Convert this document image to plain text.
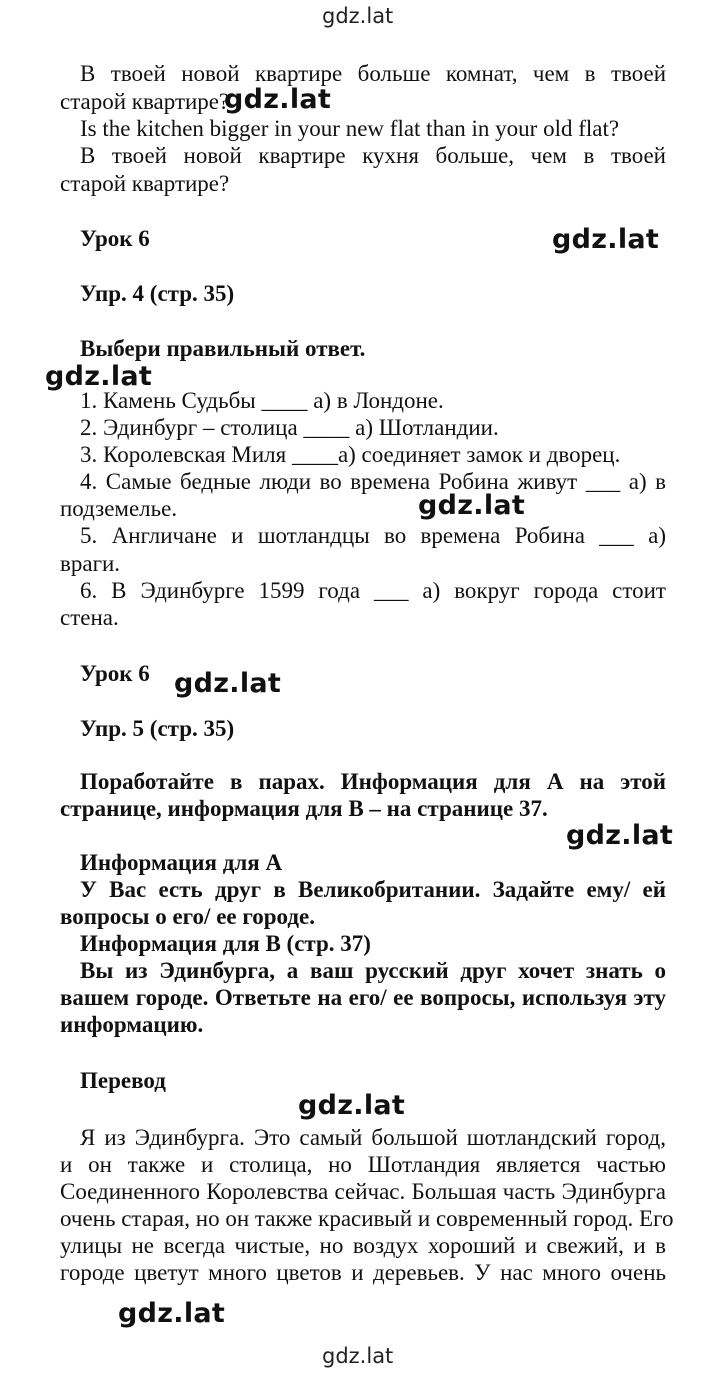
gdz.lat
В твоей новой квартире больше комнат, чем в твоей
старой квартире?
gdz.lat
Is the kitchen bigger in your new flat than in your old flat?
В твоей новой квартире кухня больше, чем в твоей
старой квартире?
Урок 6	gdz.lat
Упр. 4 (стр. 35)
Выбери правильный ответ.
gdz.lat
1. Камень Судьбы ____ а) в Лондоне.
2. Эдинбург – столица ____ а) Шотландии.
3. Королевская Миля ____а) соединяет замок и дворец.
4. Самые бедные люди во времена Робина живут ___ а) в
подземелье.	gdz.lat
5. Англичане и шотландцы во времена Робина ___ а)
враги.
6. В Эдинбурге 1599 года ___ а) вокруг города стоит
стена.
Урок 6 gdz.lat
Упр. 5 (стр. 35)
Поработайте в парах. Информация для А на этой
странице, информация для В – на странице 37.
gdz.lat
Информация для А
У Вас есть друг в Великобритании. Задайте ему/ ей
вопросы о его/ ее городе.
Информация для В (стр. 37)
Вы из Эдинбурга, а ваш русский друг хочет знать о
вашем городе. Ответьте на его/ ее вопросы, используя эту
информацию.
Перевод
gdz.lat
Я из Эдинбурга. Это самый большой шотландский город,
и он также и столица, но Шотландия является частью
Соединенного Королевства сейчас. Большая часть Эдинбурга
очень старая, но он также красивый и современный город. Его
улицы не всегда чистые, но воздух хороший и свежий, и в
городе цветут много цветов и деревьев. У нас много очень
gdz.lat
gdz.lat
